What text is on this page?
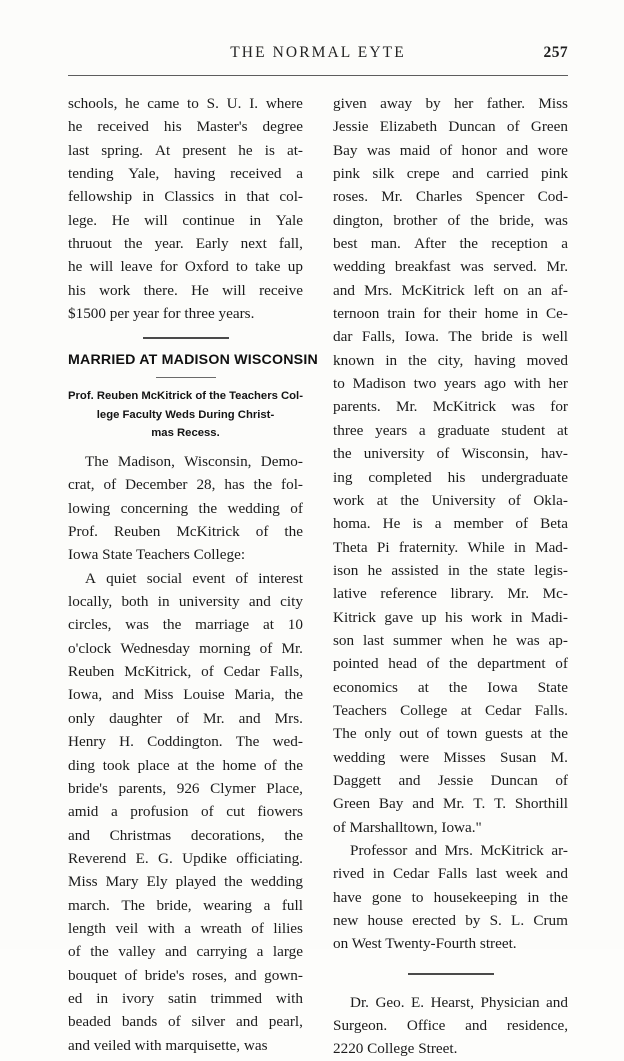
THE NORMAL EYTE	257
schools, he came to S. U. I. where
he received his Master's degree
last spring. At present he is at-
tending Yale, having received a
fellowship in Classics in that col-
lege. He will continue in Yale
thruout the year. Early next fall,
he will leave for Oxford to take up
his work there. He will receive
$1500 per year for three years.
MARRIED AT MADISON WISCONSIN
Prof. Reuben McKitrick of the Teachers Col-
lege Faculty Weds During Christ-
mas Recess.
The Madison, Wisconsin, Demo-
crat, of December 28, has the fol-
lowing concerning the wedding of
Prof. Reuben McKitrick of the
Iowa State Teachers College:
A quiet social event of interest
locally, both in university and city
circles, was the marriage at 10
o'clock Wednesday morning of Mr.
Reuben McKitrick, of Cedar Falls,
Iowa, and Miss Louise Maria, the
only daughter of Mr. and Mrs.
Henry H. Coddington. The wed-
ding took place at the home of the
bride's parents, 926 Clymer Place,
amid a profusion of cut fiowers
and Christmas decorations, the
Reverend E. G. Updike officiating.
Miss Mary Ely played the wedding
march. The bride, wearing a full
length veil with a wreath of lilies
of the valley and carrying a large
bouquet of bride's roses, and gown-
ed in ivory satin trimmed with
beaded bands of silver and pearl,
and veiled with marquisette, was
given away by her father. Miss
Jessie Elizabeth Duncan of Green
Bay was maid of honor and wore
pink silk crepe and carried pink
roses. Mr. Charles Spencer Cod-
dington, brother of the bride, was
best man. After the reception a
wedding breakfast was served. Mr.
and Mrs. McKitrick left on an af-
ternoon train for their home in Ce-
dar Falls, Iowa. The bride is well
known in the city, having moved
to Madison two years ago with her
parents. Mr. McKitrick was for
three years a graduate student at
the university of Wisconsin, hav-
ing completed his undergraduate
work at the University of Okla-
homa. He is a member of Beta
Theta Pi fraternity. While in Mad-
ison he assisted in the state legis-
lative reference library. Mr. Mc-
Kitrick gave up his work in Madi-
son last summer when he was ap-
pointed head of the department of
economics at the Iowa State
Teachers College at Cedar Falls.
The only out of town guests at the
wedding were Misses Susan M.
Daggett and Jessie Duncan of
Green Bay and Mr. T. T. Shorthill
of Marshalltown, Iowa."
Professor and Mrs. McKitrick ar-
rived in Cedar Falls last week and
have gone to housekeeping in the
new house erected by S. L. Crum
on West Twenty-Fourth street.
Dr. Geo. E. Hearst, Physician and
Surgeon. Office and residence,
2220 College Street.
